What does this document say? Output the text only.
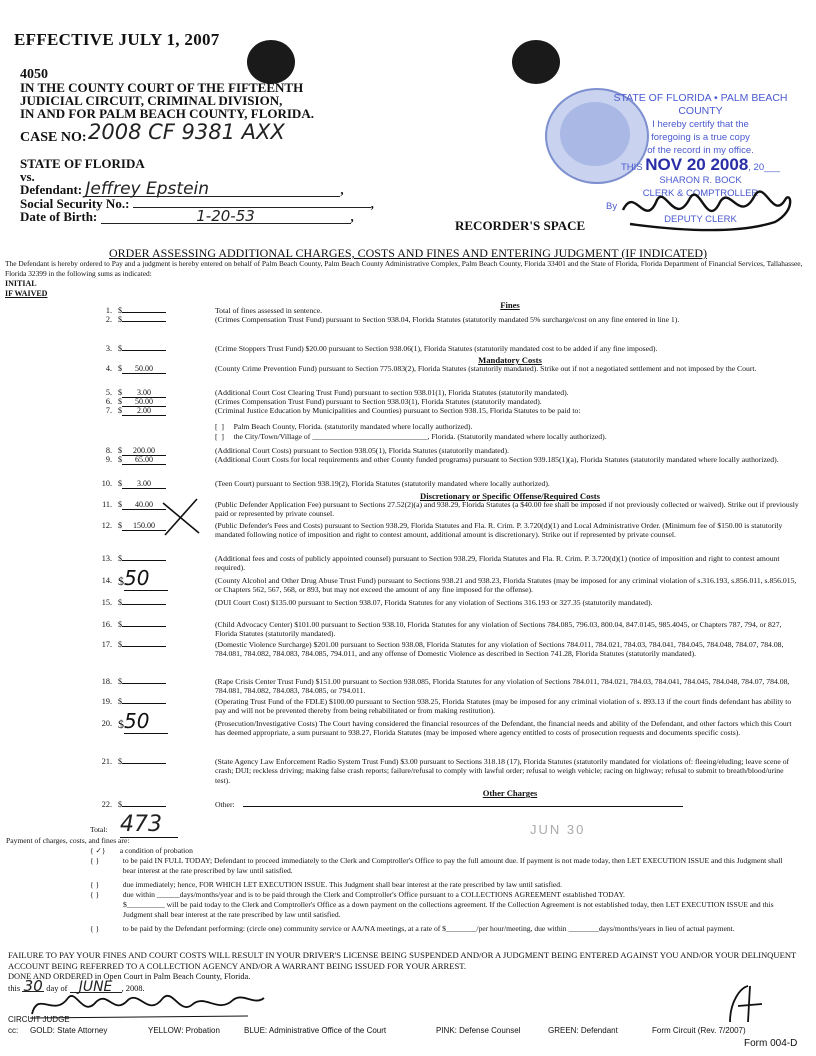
EFFECTIVE JULY 1, 2007
4050
IN THE COUNTY COURT OF THE FIFTEENTH
JUDICIAL CIRCUIT, CRIMINAL DIVISION,
IN AND FOR PALM BEACH COUNTY, FLORIDA.
CASE NO: 2008 CF 9381 AXX
STATE OF FLORIDA
vs.
Defendant: Jeffrey Epstein	,
Social Security No.:	,
Date of Birth:	1-20-53	,
STATE OF FLORIDA • PALM BEACH COUNTY
I hereby certify that the
foregoing is a true copy
of the record in my office.
THIS NOV 20 2008, 20___
SHARON R. BOCK
CLERK & COMPTROLLER
By
DEPUTY CLERK
RECORDER'S SPACE
ORDER ASSESSING ADDITIONAL CHARGES, COSTS AND FINES AND ENTERING JUDGMENT (IF INDICATED)
The Defendant is hereby ordered to Pay and a judgment is hereby entered on behalf of Palm Beach County, Palm Beach County Administrative Complex, Palm Beach County, Florida 33401 and the State of Florida, Florida Department of Financial Services, Tallahassee, Florida 32399 in the following sums as indicated:
INITIAL
IF WAIVED
Fines
Mandatory Costs
Discretionary or Specific Offense/Required Costs
Other Charges
1. $	Total of fines assessed in sentence.
2. $	(Crimes Compensation Trust Fund) pursuant to Section 938.04, Florida Statutes (statutorily mandated 5% surcharge/cost on any fine entered in line 1).
3. $	(Crime Stoppers Trust Fund) $20.00 pursuant to Section 938.06(1), Florida Statutes (statutorily mandated cost to be added if any fine imposed).
4. $ 50.00	(County Crime Prevention Fund) pursuant to Section 775.083(2), Florida Statutes (statutorily mandated). Strike out if not a negotiated settlement and not imposed by the Court.
5. $ 3.00	(Additional Court Cost Clearing Trust Fund) pursuant to section 938.01(1), Florida Statutes (statutorily mandated).
6. $ 50.00	(Crimes Compensation Trust Fund) pursuant to Section 938.03(1), Florida Statutes (statutorily mandated).
7. $ 2.00	(Criminal Justice Education by Municipalities and Counties) pursuant to Section 938.15, Florida Statutes to be paid to:
8. $ 200.00	(Additional Court Costs) pursuant to Section 938.05(1), Florida Statutes (statutorily mandated).
9. $ 65.00	(Additional Court Costs for local requirements and other County funded programs) pursuant to Section 939.185(1)(a), Florida Statutes (statutorily mandated where locally authorized).
10. $ 3.00	(Teen Court) pursuant to Section 938.19(2), Florida Statutes (statutorily mandated where locally authorized).
11. $ 40.00	(Public Defender Application Fee) pursuant to Sections 27.52(2)(a) and 938.29, Florida Statutes (a $40.00 fee shall be imposed if not previously collected or waived). Strike out if previously paid or represented by private counsel.
12. $ 150.00	(Public Defender's Fees and Costs) pursuant to Section 938.29, Florida Statutes and Fla. R. Crim. P. 3.720(d)(1) and Local Administrative Order. (Minimum fee of $150.00 is statutorily mandated following notice of imposition and right to contest amount, additional amount is discretionary). Strike out if represented by private counsel.
13. $	(Additional fees and costs of publicly appointed counsel) pursuant to Section 938.29, Florida Statutes and Fla. R. Crim. P. 3.720(d)(1) (notice of imposition and right to contest amount required).
14. $50	(County Alcohol and Other Drug Abuse Trust Fund) pursuant to Sections 938.21 and 938.23, Florida Statutes (may be imposed for any criminal violation of s.316.193, s.856.011, s.856.015, or Chapters 562, 567, 568, or 893, but may not exceed the amount of any fine imposed for the offense).
15. $	(DUI Court Cost) $135.00 pursuant to Section 938.07, Florida Statutes for any violation of Sections 316.193 or 327.35 (statutorily mandated).
16. $	(Child Advocacy Center) $101.00 pursuant to Section 938.10, Florida Statutes for any violation of Sections 784.085, 796.03, 800.04, 847.0145, 985.4045, or Chapters 787, 794, or 827, Florida Statutes (statutorily mandated).
17. $	(Domestic Violence Surcharge) $201.00 pursuant to Section 938.08, Florida Statutes for any violation of Sections 784.011, 784.021, 784.03, 784.041, 784.045, 784.048, 784.07, 784.08, 784.081, 784.082, 784.083, 784.085, 794.011, and any offense of Domestic Violence as described in Section 741.28, Florida Statutes (statutorily mandated).
18. $	(Rape Crisis Center Trust Fund) $151.00 pursuant to Section 938.085, Florida Statutes for any violation of Sections 784.011, 784.021, 784.03, 784.041, 784.045, 784.048, 784.07, 784.08, 784.081, 784.082, 784.083, 784.085, or 794.011.
19. $	(Operating Trust Fund of the FDLE) $100.00 pursuant to Section 938.25, Florida Statutes (may be imposed for any criminal violation of s. 893.13 if the court finds defendant has ability to pay and will not be prevented thereby from being rehabilitated or from making restitution).
20. $50	(Prosecution/Investigative Costs) The Court having considered the financial resources of the Defendant, the financial needs and ability of the Defendant, and other factors which this Court has deemed appropriate, a sum pursuant to 938.27, Florida Statutes (may be imposed where agency entitled to costs of prosecution requests and documents specific costs).
21. $	(State Agency Law Enforcement Radio System Trust Fund) $3.00 pursuant to Sections 318.18 (17), Florida Statutes (statutorily mandated for violations of: fleeing/eluding; leave scene of crash; DUI; reckless driving; making false crash reports; failure/refusal to comply with lawful order; refusal to weigh vehicle; racing on highway; refusal to submit to breath/blood/urine test).
22. $	Other:
[  ] Palm Beach County, Florida. (statutorily mandated where locally authorized).
[  ] the City/Town/Village of ______________________________, Florida. (Statutorily mandated where locally authorized).
Total: 473	JUN 30
Payment of charges, costs, and fines are:
{ ✓} a condition of probation
{ }
	to be paid IN FULL TODAY; Defendant to proceed immediately to the Clerk and Comptroller's Office to pay the full amount due. If payment is not made today, then LET EXECUTION ISSUE and this Judgment shall bear interest at the rate prescribed by law until satisfied.
{ }
	due immediately; hence, FOR WHICH LET EXECUTION ISSUE. This Judgment shall bear interest at the rate prescribed by law until satisfied.
{ }
	due within ______days/months/year and is to be paid through the Clerk and Comptroller's Office pursuant to a COLLECTIONS AGREEMENT established TODAY.
$__________ will be paid today to the Clerk and Comptroller's Office as a down payment on the collections agreement. If the Collection Agreement is not established today, then LET EXECUTION ISSUE and this Judgment shall bear interest at the rate prescribed by law until satisfied.
{ }
	to be paid by the Defendant performing: (circle one) community service or AA/NA meetings, at a rate of $________/per hour/meeting, due within ________days/months/years in lieu of actual payment.
FAILURE TO PAY YOUR FINES AND COURT COSTS WILL RESULT IN YOUR DRIVER'S LICENSE BEING SUSPENDED AND/OR A JUDGMENT BEING ENTERED AGAINST YOU AND/OR YOUR DELINQUENT ACCOUNT BEING REFERRED TO A COLLECTION AGENCY AND/OR A WARRANT BEING ISSUED FOR YOUR ARREST.
DONE AND ORDERED in Open Court in Palm Beach County, Florida.
this 30 day of JUNE , 2008.
CIRCUIT JUDGE
cc:	GOLD: State Attorney	YELLOW: Probation	BLUE: Administrative Office of the Court	PINK: Defense Counsel	GREEN: Defendant	Form Circuit (Rev. 7/2007)
Form 004-D
